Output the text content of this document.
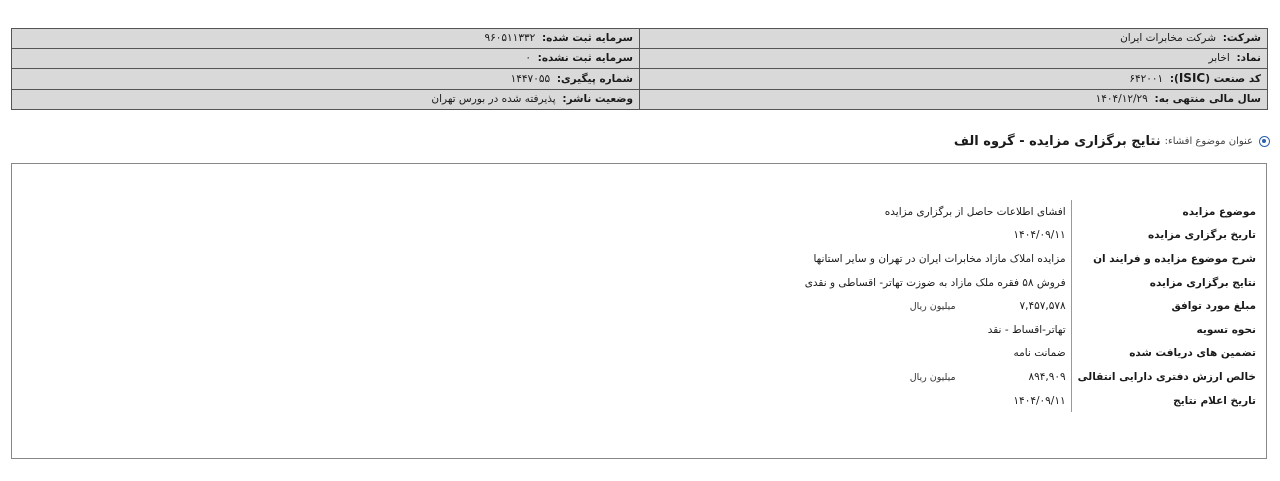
شرکت:  شرکت مخابرات ایران	سرمایه ثبت شده:  ۹۶۰۵۱۱۳۳۲
نماد:  اخابر	سرمایه ثبت نشده:  ۰
کد صنعت (ISIC):  ۶۴۲۰۰۱	شماره پیگیری:  ۱۴۴۷۰۵۵
سال مالی منتهی به:  ۱۴۰۴/۱۲/۲۹	وضعیت ناشر:  پذیرفته شده در بورس تهران
عنوان موضوع افشاء:
نتایج برگزاری مزایده - گروه الف
موضوع مزایده	افشای اطلاعات حاصل از برگزاری مزایده
تاریخ برگزاری مزایده	۱۴۰۴/۰۹/۱۱
شرح موضوع مزایده و فرایند ان	مزایده املاک مازاد مخابرات ایران در تهران و سایر استانها
نتایج برگزاری مزایده	فروش ۵۸ فقره ملک مازاد به ضوزت تهاتر- اقساطی و نقدی
مبلغ مورد توافق	۷,۴۵۷,۵۷۸میلیون ریال
نحوه تسویه	تهاتر-اقساط - نقد
تضمین های دریافت شده	ضمانت نامه
خالص ارزش دفتری دارایی انتقالی	۸۹۴,۹۰۹میلیون ریال
تاریخ اعلام نتایج	۱۴۰۴/۰۹/۱۱
